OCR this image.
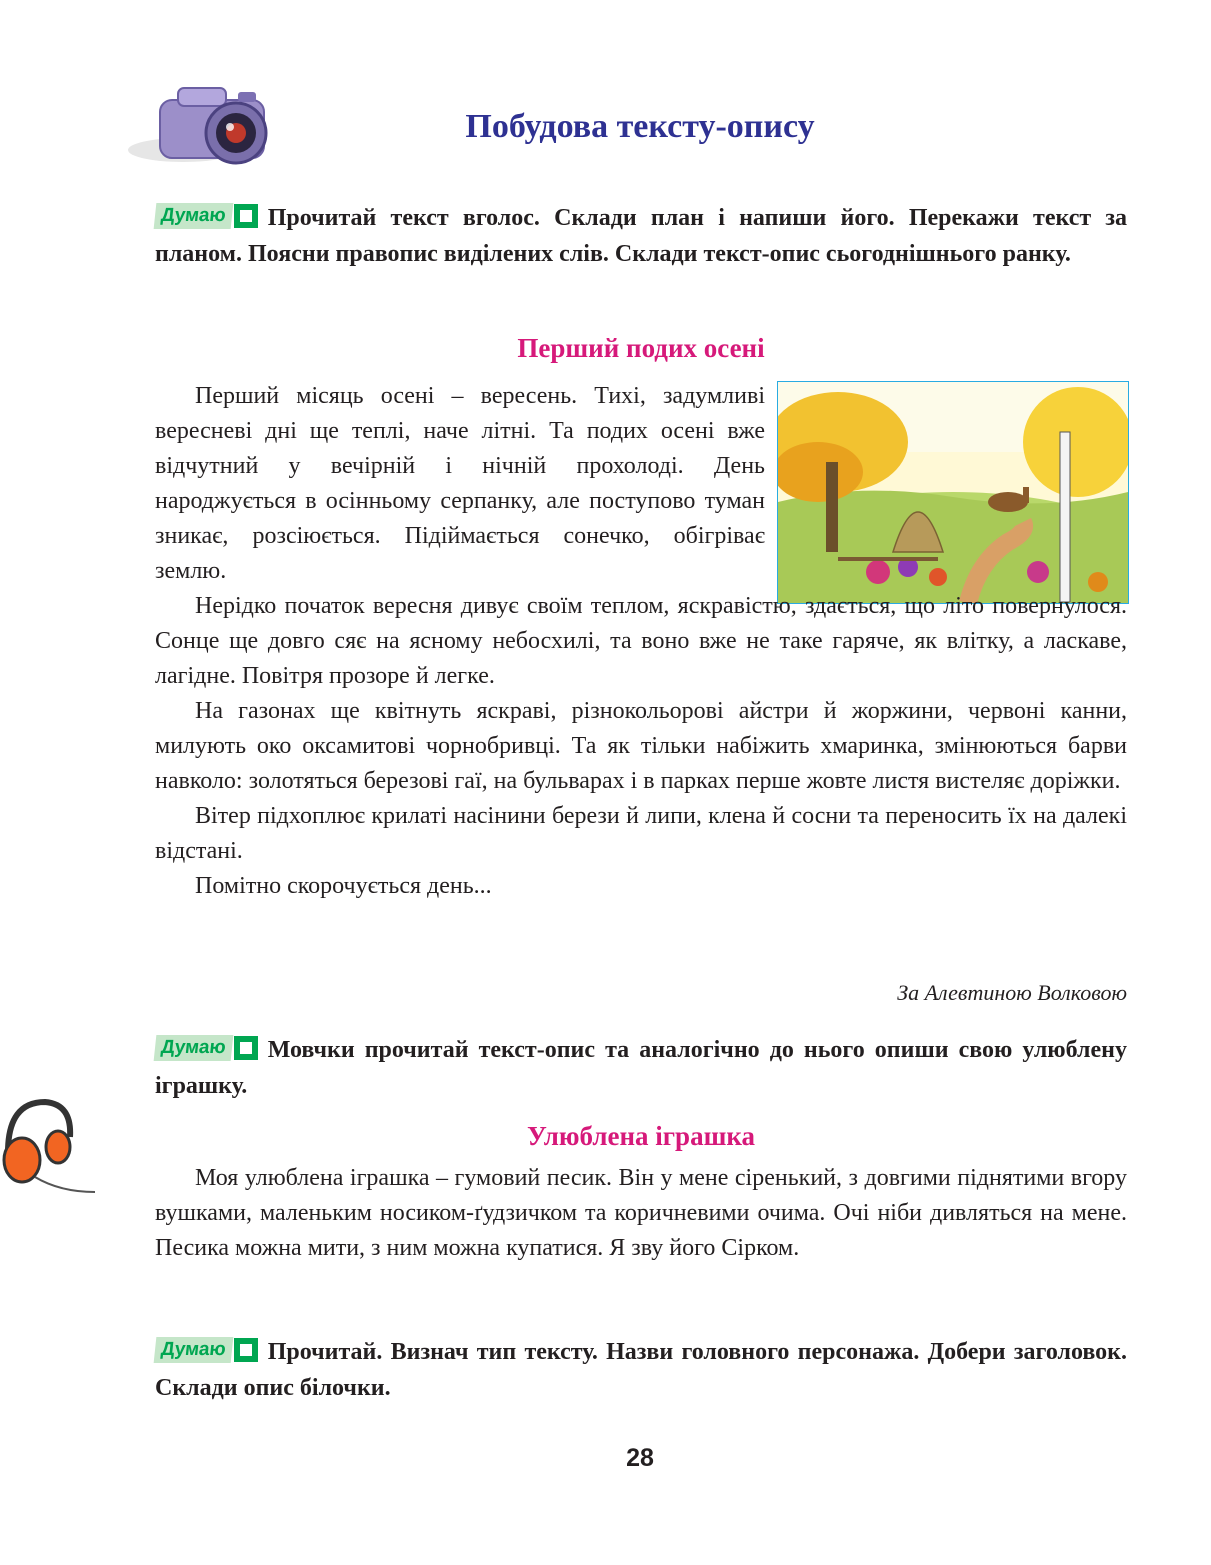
Побудова тексту-опису
Думаю Прочитай текст вголос. Склади план і напиши його. Перекажи текст за планом. Поясни правопис виділених слів. Склади текст-опис сьогоднішнього ранку.
Перший подих осені

Перший місяць осені – вересень. Тихі, задумливі вересневі дні ще теплі, наче літні. Та подих осені вже відчутний у вечірній і нічній прохолоді. День народжується в осінньому серпанку, але поступово туман зникає, розсіюється. Підіймається сонечко, обігріває землю.

Нерідко початок вересня дивує своїм теплом, яскравістю, здається, що літо повернулося. Сонце ще довго сяє на ясному небосхилі, та воно вже не таке гаряче, як влітку, а ласкаве, лагідне. Повітря прозоре й легке.

На газонах ще квітнуть яскраві, різнокольорові айстри й жоржини, червоні канни, милують око оксамитові чорнобривці. Та як тільки набіжить хмаринка, змінюються барви навколо: золотяться березові гаї, на бульварах і в парках перше жовте листя вистеляє доріжки.

Вітер підхоплює крилаті насінини берези й липи, клена й сосни та переносить їх на далекі відстані.

Помітно скорочується день...

За Алевтиною Волковою
Думаю Мовчки прочитай текст-опис та аналогічно до нього опиши свою улюблену іграшку.
Улюблена іграшка

Моя улюблена іграшка – гумовий песик. Він у мене сіренький, з довгими піднятими вгору вушками, маленьким носиком-ґудзичком та коричневими очима. Очі ніби дивляться на мене. Песика можна мити, з ним можна купатися. Я зву його Сірком.

Думаю Прочитай. Визнач тип тексту. Назви головного персонажа. Добери заголовок. Склади опис білочки.
28
